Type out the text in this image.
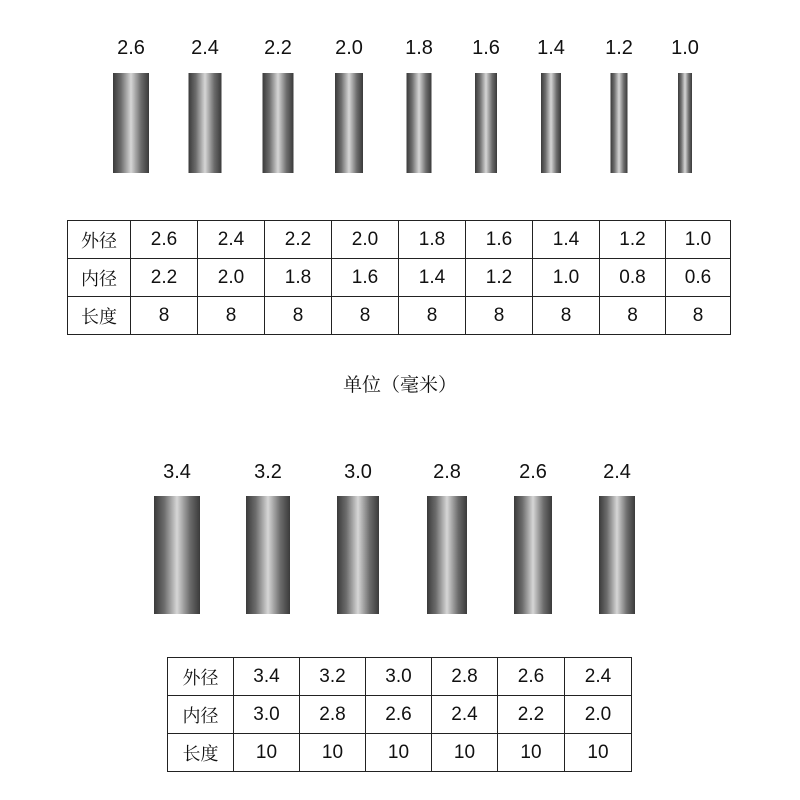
2.6 2.4 2.2 2.0 1.8 1.6 1.4 1.2 1.0
外径	2.6	2.4	2.2	2.0	1.8	1.6	1.4	1.2	1.0
内径	2.2	2.0	1.8	1.6	1.4	1.2	1.0	0.8	0.6
长度	8	8	8	8	8	8	8	8	8
单位（毫米）
3.4	3.2	3.0	2.8	2.6	2.4
外径	3.4	3.2	3.0	2.8	2.6	2.4
内径	3.0	2.8	2.6	2.4	2.2	2.0
长度	10	10	10	10	10	10
